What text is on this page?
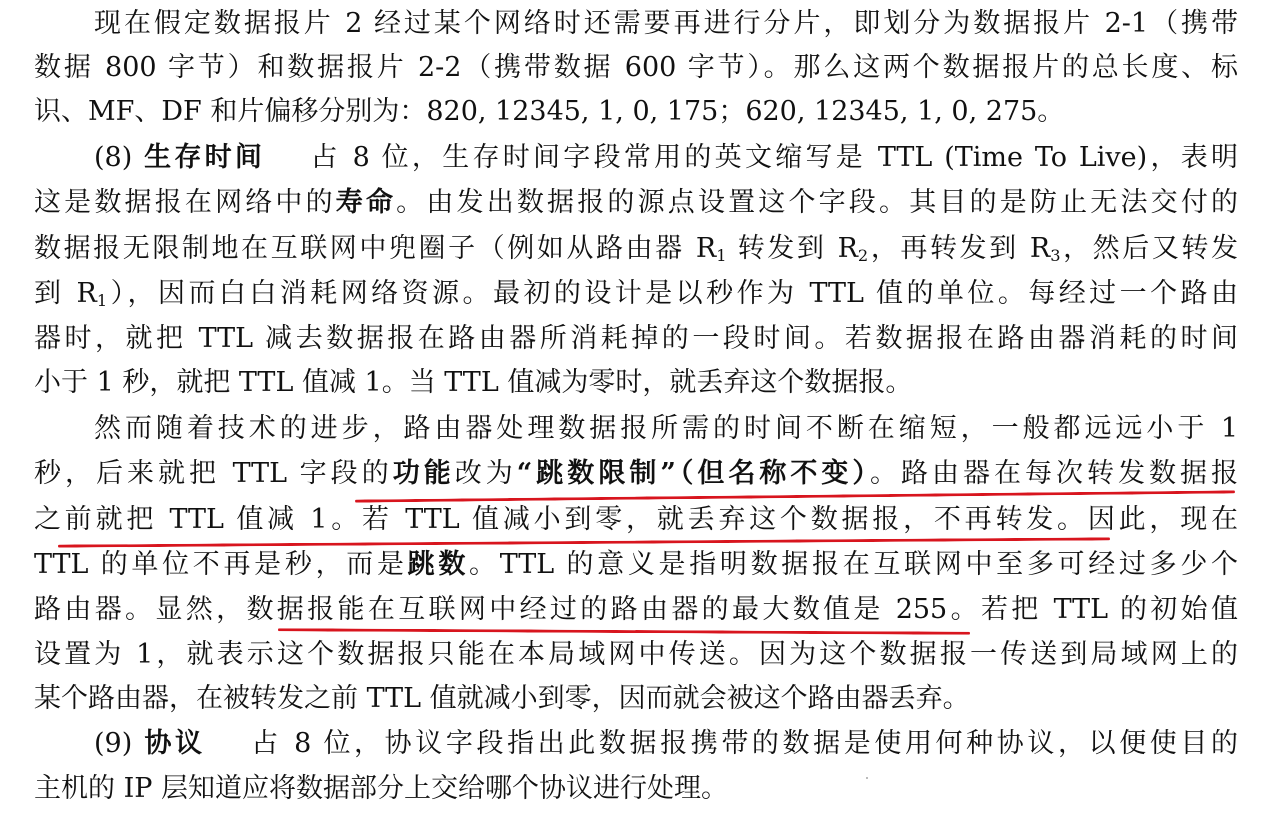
现在假定数据报片 2 经过某个网络时还需要再进行分片，即划分为数据报片 2-1（携带
数据 800 字节）和数据报片 2-2（携带数据 600 字节）。那么这两个数据报片的总长度、标
识、MF、DF 和片偏移分别为：820, 12345, 1, 0, 175；620, 12345, 1, 0, 275。
(8) 生存时间 占 8 位，生存时间字段常用的英文缩写是 TTL (Time To Live)，表明
这是数据报在网络中的寿命。由发出数据报的源点设置这个字段。其目的是防止无法交付的
数据报无限制地在互联网中兜圈子（例如从路由器 $R_1$ 转发到 $R_2$，再转发到 $R_3$，然后又转发
到 $R_1$），因而白白消耗网络资源。最初的设计是以秒作为 TTL 值的单位。每经过一个路由
器时，就把 TTL 减去数据报在路由器所消耗掉的一段时间。若数据报在路由器消耗的时间
小于 1 秒，就把 TTL 值减 1。当 TTL 值减为零时，就丢弃这个数据报。
然而随着技术的进步，路由器处理数据报所需的时间不断在缩短，一般都远远小于 1
秒，后来就把 TTL 字段的功能改为“跳数限制”（但名称不变）。路由器在每次转发数据报
之前就把 TTL 值减 1。若 TTL 值减小到零，就丢弃这个数据报，不再转发。因此，现在
TTL 的单位不再是秒，而是跳数。TTL 的意义是指明数据报在互联网中至多可经过多少个
路由器。显然，数据报能在互联网中经过的路由器的最大数值是 255。若把 TTL 的初始值
设置为 1，就表示这个数据报只能在本局域网中传送。因为这个数据报一传送到局域网上的
某个路由器，在被转发之前 TTL 值就减小到零，因而就会被这个路由器丢弃。
(9) 协议 占 8 位，协议字段指出此数据报携带的数据是使用何种协议，以便使目的
主机的 IP 层知道应将数据部分上交给哪个协议进行处理。
